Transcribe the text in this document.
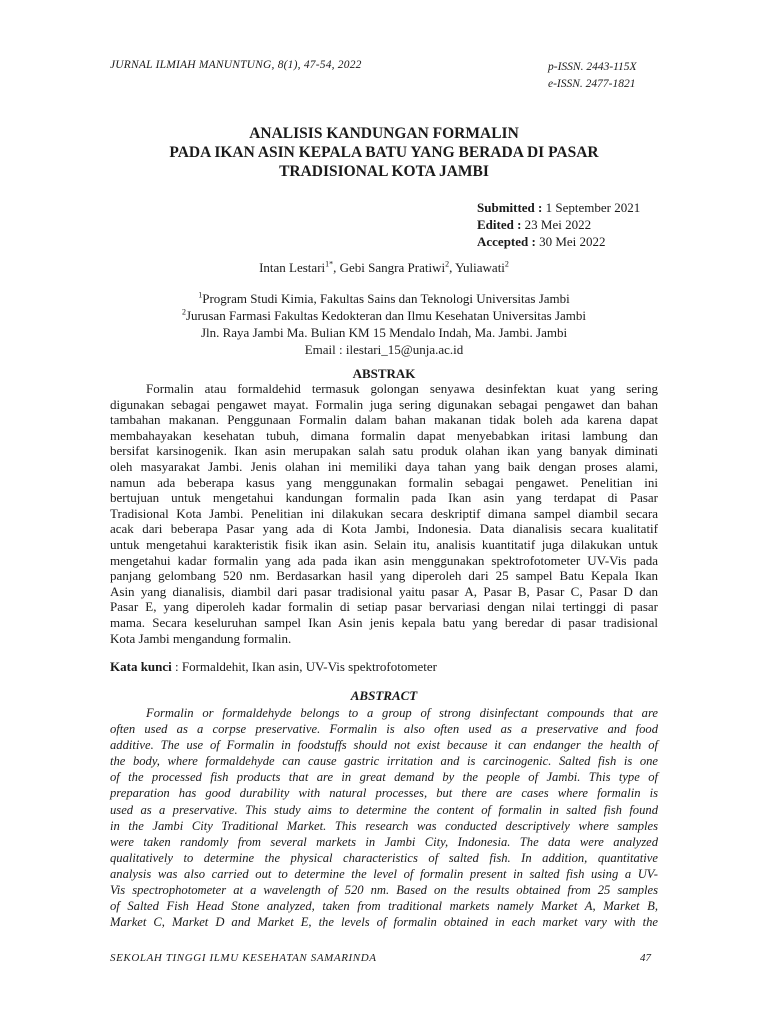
JURNAL ILMIAH MANUNTUNG, 8(1), 47-54, 2022	p-ISSN. 2443-115X
e-ISSN. 2477-1821
ANALISIS KANDUNGAN FORMALIN
PADA IKAN ASIN KEPALA BATU YANG BERADA DI PASAR
TRADISIONAL KOTA JAMBI
Submitted : 1 September 2021
Edited : 23 Mei 2022
Accepted : 30 Mei 2022
Intan Lestari$^{1*}$, Gebi Sangra Pratiwi$^2$, Yuliawati$^2$
$^1$Program Studi Kimia, Fakultas Sains dan Teknologi Universitas Jambi
$^2$Jurusan Farmasi Fakultas Kedokteran dan Ilmu Kesehatan Universitas Jambi
Jln. Raya Jambi Ma. Bulian KM 15 Mendalo Indah, Ma. Jambi. Jambi
Email : ilestari_15@unja.ac.id
ABSTRAK
Formalin atau formaldehid termasuk golongan senyawa desinfektan kuat yang sering
digunakan sebagai pengawet mayat. Formalin juga sering digunakan sebagai pengawet dan bahan
tambahan makanan. Penggunaan Formalin dalam bahan makanan tidak boleh ada karena dapat
membahayakan kesehatan tubuh, dimana formalin dapat menyebabkan iritasi lambung dan
bersifat karsinogenik. Ikan asin merupakan salah satu produk olahan ikan yang banyak diminati
oleh masyarakat Jambi. Jenis olahan ini memiliki daya tahan yang baik dengan proses alami,
namun ada beberapa kasus yang menggunakan formalin sebagai pengawet. Penelitian ini
bertujuan untuk mengetahui kandungan formalin pada Ikan asin yang terdapat di Pasar
Tradisional Kota Jambi. Penelitian ini dilakukan secara deskriptif dimana sampel diambil secara
acak dari beberapa Pasar yang ada di Kota Jambi, Indonesia. Data dianalisis secara kualitatif
untuk mengetahui karakteristik fisik ikan asin. Selain itu, analisis kuantitatif juga dilakukan untuk
mengetahui kadar formalin yang ada pada ikan asin menggunakan spektrofotometer UV-Vis pada
panjang gelombang 520 nm. Berdasarkan hasil yang diperoleh dari 25 sampel Batu Kepala Ikan
Asin yang dianalisis, diambil dari pasar tradisional yaitu pasar A, Pasar B, Pasar C, Pasar D dan
Pasar E, yang diperoleh kadar formalin di setiap pasar bervariasi dengan nilai tertinggi di pasar
mama. Secara keseluruhan sampel Ikan Asin jenis kepala batu yang beredar di pasar tradisional
Kota Jambi mengandung formalin.
Kata kunci : Formaldehit, Ikan asin, UV-Vis spektrofotometer
ABSTRACT
Formalin or formaldehyde belongs to a group of strong disinfectant compounds that are
often used as a corpse preservative. Formalin is also often used as a preservative and food
additive. The use of Formalin in foodstuffs should not exist because it can endanger the health of
the body, where formaldehyde can cause gastric irritation and is carcinogenic. Salted fish is one
of the processed fish products that are in great demand by the people of Jambi. This type of
preparation has good durability with natural processes, but there are cases where formalin is
used as a preservative. This study aims to determine the content of formalin in salted fish found
in the Jambi City Traditional Market. This research was conducted descriptively where samples
were taken randomly from several markets in Jambi City, Indonesia. The data were analyzed
qualitatively to determine the physical characteristics of salted fish. In addition, quantitative
analysis was also carried out to determine the level of formalin present in salted fish using a UV-
Vis spectrophotometer at a wavelength of 520 nm. Based on the results obtained from 25 samples
of Salted Fish Head Stone analyzed, taken from traditional markets namely Market A, Market B,
Market C, Market D and Market E, the levels of formalin obtained in each market vary with the
SEKOLAH TINGGI ILMU KESEHATAN SAMARINDA	47
